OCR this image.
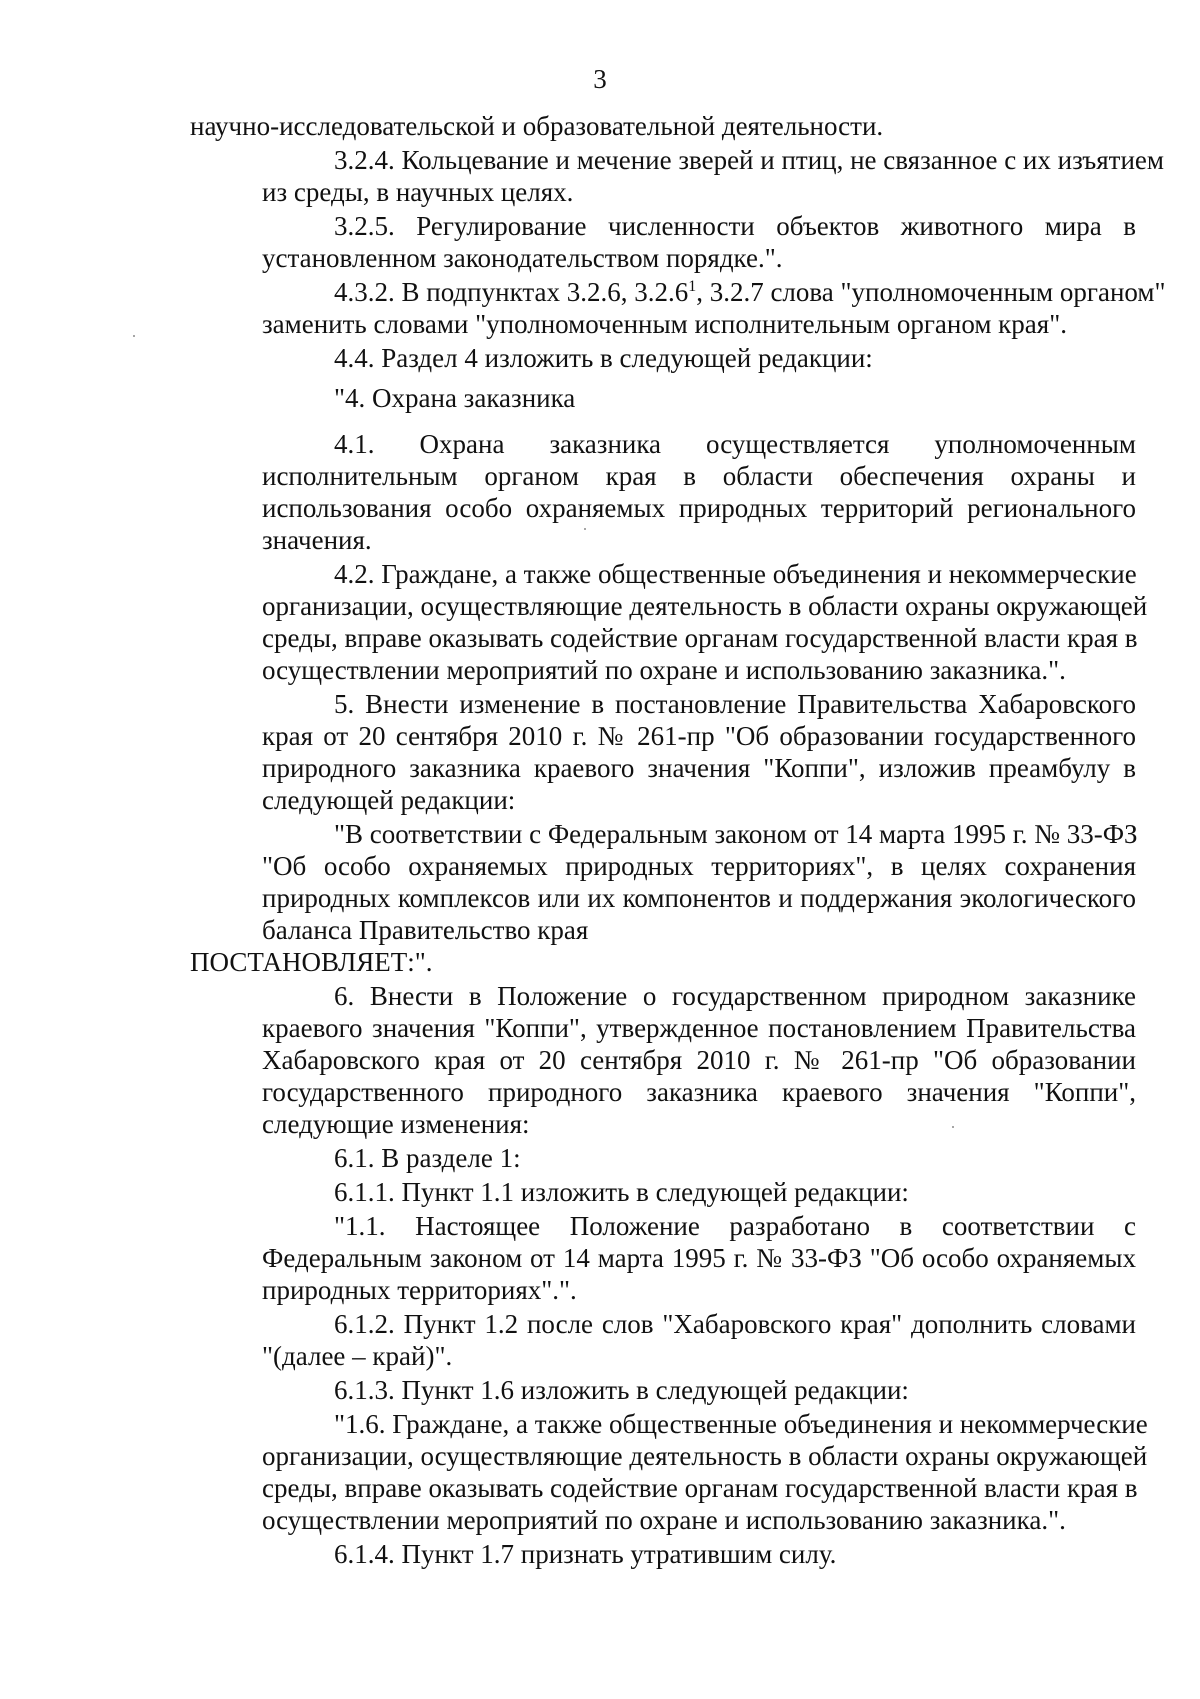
3
научно-исследовательской и образовательной деятельности.
3.2.4. Кольцевание и мечение зверей и птиц, не связанное с их изъятием
из среды, в научных целях.
3.2.5. Регулирование численности объектов животного мира в
установленном законодательством порядке.".
4.3.2. В подпунктах 3.2.6, 3.2.6$^1$, 3.2.7 слова "уполномоченным органом"
заменить словами "уполномоченным исполнительным органом края".
4.4. Раздел 4 изложить в следующей редакции:
"4. Охрана заказника
4.1. Охрана заказника осуществляется уполномоченным
исполнительным органом края в области обеспечения охраны и
использования особо охраняемых природных территорий регионального
значения.
4.2. Граждане, а также общественные объединения и некоммерческие
организации, осуществляющие деятельность в области охраны окружающей
среды, вправе оказывать содействие органам государственной власти края в
осуществлении мероприятий по охране и использованию заказника.".
5. Внести изменение в постановление Правительства Хабаровского
края от 20 сентября 2010 г. № 261-пр "Об образовании государственного
природного заказника краевого значения "Коппи", изложив преамбулу в
следующей редакции:
"В соответствии с Федеральным законом от 14 марта 1995 г. № 33-ФЗ
"Об особо охраняемых природных территориях", в целях сохранения
природных комплексов или их компонентов и поддержания экологического
баланса Правительство края
ПОСТАНОВЛЯЕТ:".
6. Внести в Положение о государственном природном заказнике
краевого значения "Коппи", утвержденное постановлением Правительства
Хабаровского края от 20 сентября 2010 г. № 261-пр "Об образовании
государственного природного заказника краевого значения "Коппи",
следующие изменения:
6.1. В разделе 1:
6.1.1. Пункт 1.1 изложить в следующей редакции:
"1.1. Настоящее Положение разработано в соответствии с
Федеральным законом от 14 марта 1995 г. № 33-ФЗ "Об особо охраняемых
природных территориях".".
6.1.2. Пункт 1.2 после слов "Хабаровского края" дополнить словами
"(далее – край)".
6.1.3. Пункт 1.6 изложить в следующей редакции:
"1.6. Граждане, а также общественные объединения и некоммерческие
организации, осуществляющие деятельность в области охраны окружающей
среды, вправе оказывать содействие органам государственной власти края в
осуществлении мероприятий по охране и использованию заказника.".
6.1.4. Пункт 1.7 признать утратившим силу.
